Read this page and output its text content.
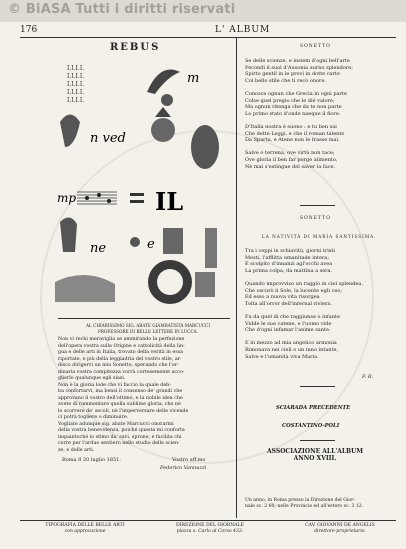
© BiASA Tutti i diritti riservati
176	L' ALBUM
REBUS
I.I.I.I.
I.I.I.I.
I.I.I.I.
I.I.I.I.
I.I.I.I.
m
n ved
mp	IL
ne	e
AL CHIARISSIMO SIG. ABATE GIAMBATISTA MARCUCCI
PROFESSORE DI BELLE LETTERE IN LUCCA.
Non vi rechi meraviglia se ammirando la perfezione
dell'opera vostra sulla Origine e cattolicità della lin-
gua e delle arti in Italia, trovato della verità in essa
riportate, e più della leggiadria del vostro stile, ar-
disco dirigervi un mio Sonetto, sperando che l'or-
dinaria vostra compitezza vorrà cortesemente acco-
glierlo qualunque egli siasi.
Non è la gioria lode che vi faccio la quale deb-
ba confortarvi, ma bensì il consenso de' grandi che
approvano il vostro dell'ottimo, e la nobile idea che
avete di rammentare quella sublime gloria, che nè
lo scorrere de' secoli, nè l'imperversare delle vicende
ci potrà togliere o diminuire.
Vogliate adunque sig. abate Marcucci onorarmi
della vostra benevolenza, poiché questa mi conforta
inquantoché io stimo da' savi, sprone, e facilita chi
corre per l'arduo sentiero nello studio delle scien-
ze, e delle arti.
Roma 8 20 luglio 1851.	Vostro aff.mo
Federico Vannuzzi
SONETTO
Se delle scienze, e insiem d'ogni bell'arte
Fecondi il suol d'Ausonia aurno splendore;
Spirto gentil in le provi in dotte carte
Col bello stile che ti recò onore.

Conosce ognun che Grecia in ogni parte
Colse quel pregio che le diè valore;
Ma ognun ritenga che da te non parte
Lo primo stato d'onde naeque il fiore.

D'Italia nostra è suono : e tu ben sai
Che dette Leggi, e che il roman talento
Da Sparta, e Atene non le trasse mai.

Salve o terrena, ove virtù non tace;
Ove gloria il ben far porge alimento,
Nè mai s'estingue del saver la face.
SONETTO
LA NATIVITÀ DI MARIA SANTISSIMA.
Tra i ceppi in schiavitù, giorni tristi
Mesti, l'afflitta umanitade intera;
E scolpito d'innanzi agl'occhi avea
La prima colpa, da mattina a sera.

Quando improvviso un raggio in ciel splendea,
Che oscurò il Sole, la lucente egli ceo;
Ed esso a nuova vita risorgea
Tolta all'orror dell'infernal riviera.

Fu da quel di che raggiunse o infante
Vidde le sue catene, e l'uomo vide
Che d'ogni infamar l'anime sante.

E in mezzo ad mia angelico armonia
Rimonava nei cieli o un inno intante,
Salve e l'umanità viva Maria.
F. R.
SCIARADA PRECEDENTE
COSTANTINO-POLI
ASSOCIAZIONE ALL'ALBUM
ANNO XVIII.
Un anno, in Roma presso la Direzione del Gior-
nale sc. 2 60; nelle Provincie ed all'estero sc. 3 12.
TIPOGRAFIA DELLE BELLE ARTI
con approvazione
DIREZIONE DEL GIORNALE
piazza s. Carlo al Corso 433.
CAV. GIOVANNI DE ANGELIS
direttore-proprietario.
